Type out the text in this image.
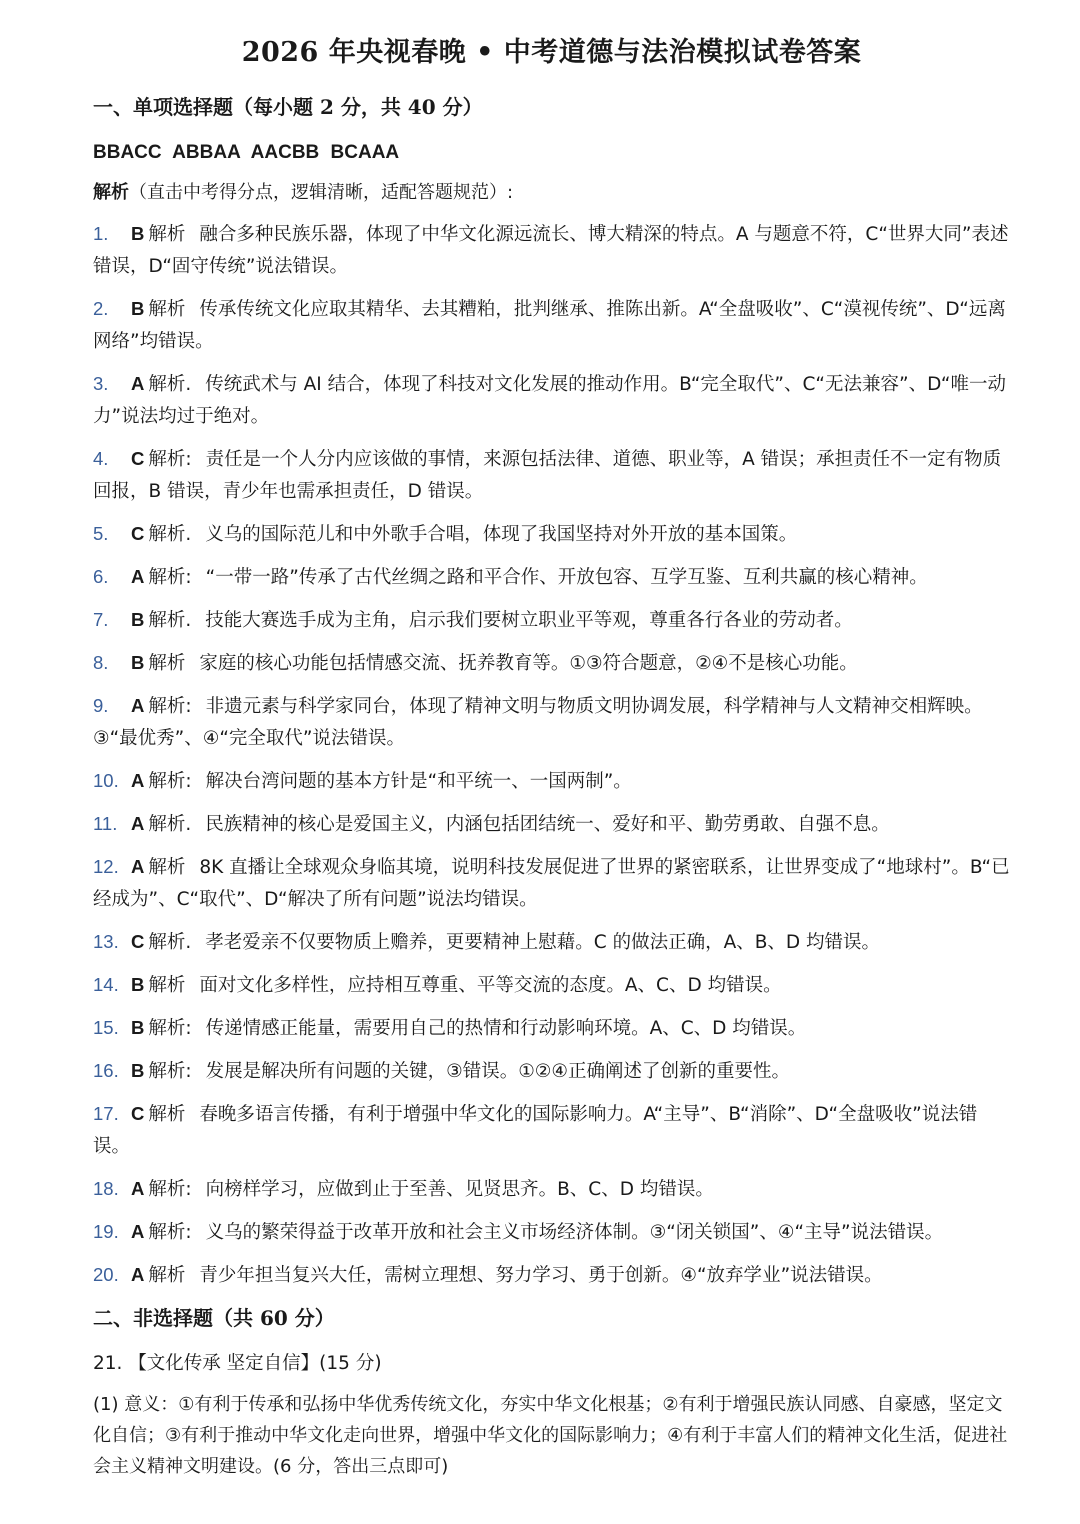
2026 年央视春晚 • 中考道德与法治模拟试卷答案
一、单项选择题（每小题 2 分，共 40 分）
BBACC ABBAA AACBB BCAAA
解析（直击中考得分点，逻辑清晰，适配答题规范）:
1. B 解析 融合多种民族乐器，体现了中华文化源远流长、博大精深的特点。A 与题意不符，C“世界大同”表述错误，D“固守传统”说法错误。
2. B 解析 传承传统文化应取其精华、去其糟粕，批判继承、推陈出新。A“全盘吸收”、C“漠视传统”、D“远离网络”均错误。
3. A 解析. 传统武术与 AI 结合，体现了科技对文化发展的推动作用。B“完全取代”、C“无法兼容”、D“唯一动力”说法均过于绝对。
4. C 解析: 责任是一个人分内应该做的事情，来源包括法律、道德、职业等，A 错误；承担责任不一定有物质回报，B 错误，青少年也需承担责任，D 错误。
5. C 解析. 义乌的国际范儿和中外歌手合唱，体现了我国坚持对外开放的基本国策。
6. A 解析: “一带一路”传承了古代丝绸之路和平合作、开放包容、互学互鉴、互利共赢的核心精神。
7. B 解析. 技能大赛选手成为主角，启示我们要树立职业平等观，尊重各行各业的劳动者。
8. B 解析 家庭的核心功能包括情感交流、抚养教育等。①③符合题意，②④不是核心功能。
9. A 解析: 非遗元素与科学家同台，体现了精神文明与物质文明协调发展，科学精神与人文精神交相辉映。③“最优秀”、④“完全取代”说法错误。
10. A 解析: 解决台湾问题的基本方针是“和平统一、一国两制”。
11. A 解析. 民族精神的核心是爱国主义，内涵包括团结统一、爱好和平、勤劳勇敢、自强不息。
12. A 解析 8K 直播让全球观众身临其境，说明科技发展促进了世界的紧密联系，让世界变成了“地球村”。B“已经成为”、C“取代”、D“解决了所有问题”说法均错误。
13. C 解析. 孝老爱亲不仅要物质上赡养，更要精神上慰藉。C 的做法正确，A、B、D 均错误。
14. B 解析 面对文化多样性，应持相互尊重、平等交流的态度。A、C、D 均错误。
15. B 解析: 传递情感正能量，需要用自己的热情和行动影响环境。A、C、D 均错误。
16. B 解析: 发展是解决所有问题的关键，③错误。①②④正确阐述了创新的重要性。
17. C 解析 春晚多语言传播，有利于增强中华文化的国际影响力。A“主导”、B“消除”、D“全盘吸收”说法错误。
18. A 解析: 向榜样学习，应做到止于至善、见贤思齐。B、C、D 均错误。
19. A 解析: 义乌的繁荣得益于改革开放和社会主义市场经济体制。③“闭关锁国”、④“主导”说法错误。
20. A 解析 青少年担当复兴大任，需树立理想、努力学习、勇于创新。④“放弃学业”说法错误。
二、非选择题（共 60 分）
21. 【文化传承 坚定自信】(15 分)
(1) 意义：①有利于传承和弘扬中华优秀传统文化，夯实中华文化根基；②有利于增强民族认同感、自豪感，坚定文化自信；③有利于推动中华文化走向世界，增强中华文化的国际影响力；④有利于丰富人们的精神文化生活，促进社会主义精神文明建设。(6 分，答出三点即可)
